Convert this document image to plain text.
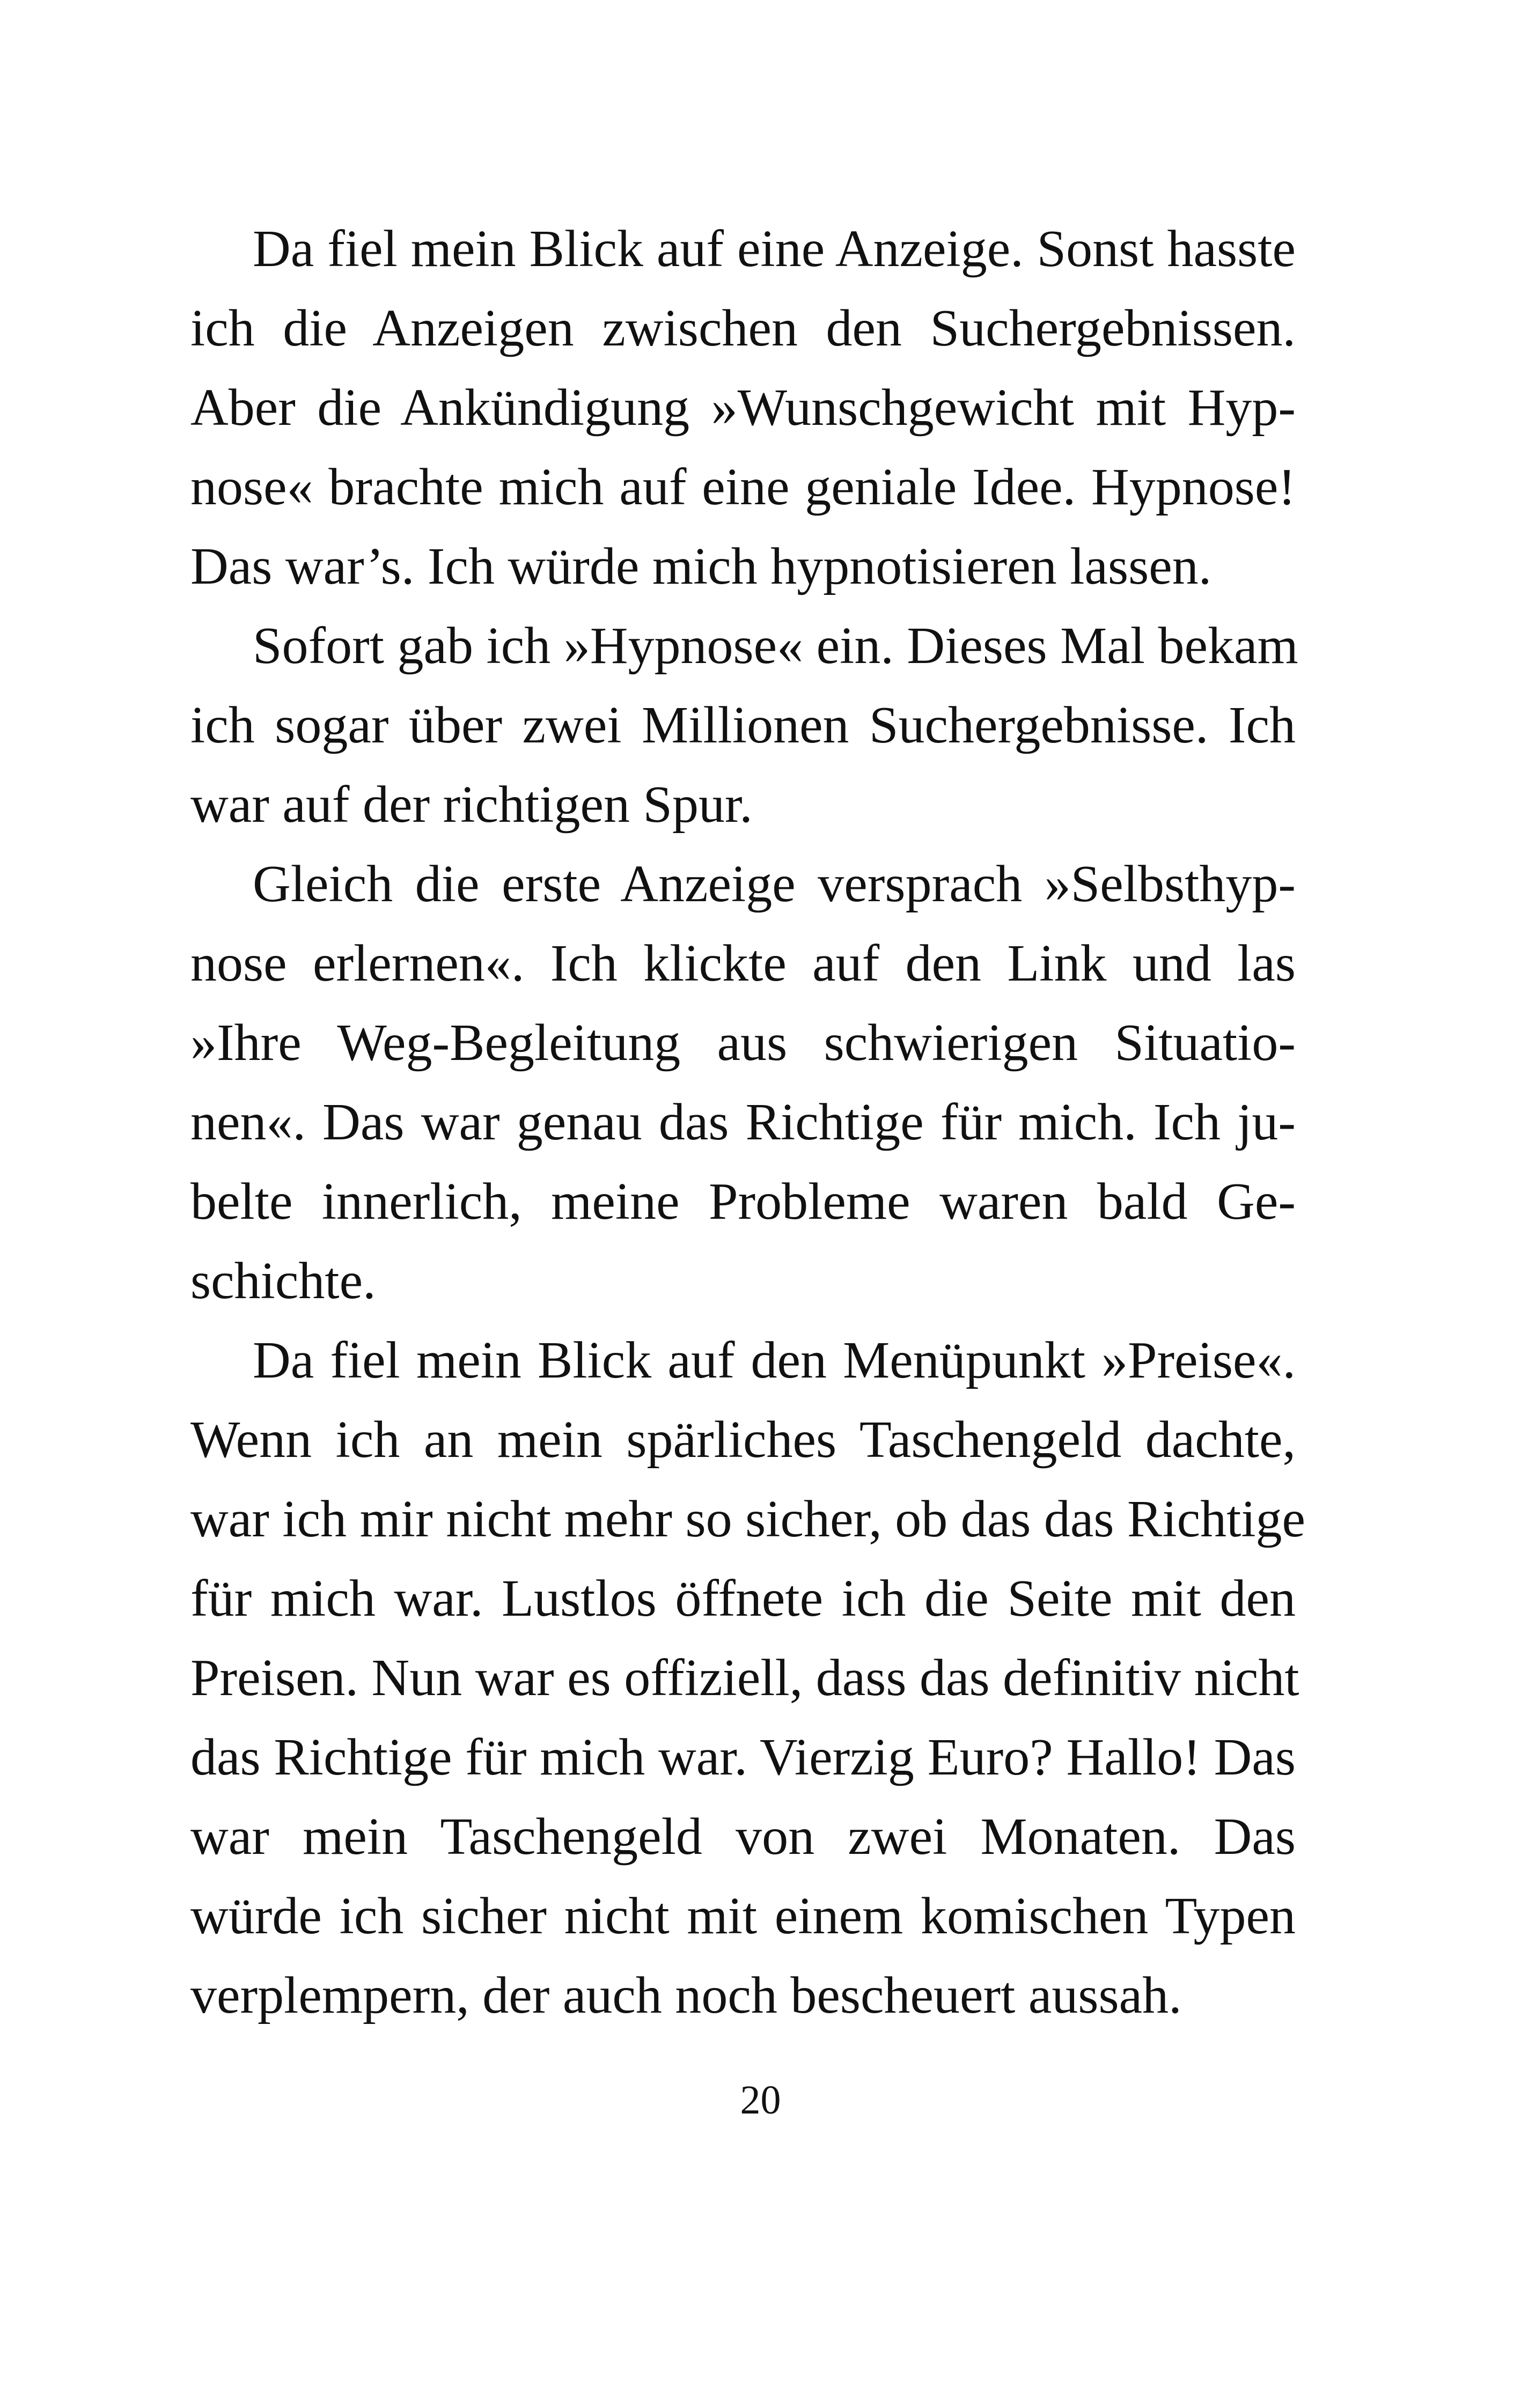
Da fiel mein Blick auf eine Anzeige. Sonst hasste
ich die Anzeigen zwischen den Suchergebnissen.
Aber die Ankündigung »Wunschgewicht mit Hyp-
nose« brachte mich auf eine geniale Idee. Hypnose!
Das war’s. Ich würde mich hypnotisieren lassen.
Sofort gab ich »Hypnose« ein. Dieses Mal bekam
ich sogar über zwei Millionen Suchergebnisse. Ich
war auf der richtigen Spur.
Gleich die erste Anzeige versprach »Selbsthyp-
nose erlernen«. Ich klickte auf den Link und las
»Ihre Weg-Begleitung aus schwierigen Situatio-
nen«. Das war genau das Richtige für mich. Ich ju-
belte innerlich, meine Probleme waren bald Ge-
schichte.
Da fiel mein Blick auf den Menüpunkt »Preise«.
Wenn ich an mein spärliches Taschengeld dachte,
war ich mir nicht mehr so sicher, ob das das Richtige
für mich war. Lustlos öffnete ich die Seite mit den
Preisen. Nun war es offiziell, dass das definitiv nicht
das Richtige für mich war. Vierzig Euro? Hallo! Das
war mein Taschengeld von zwei Monaten. Das
würde ich sicher nicht mit einem komischen Typen
verplempern, der auch noch bescheuert aussah.
20
